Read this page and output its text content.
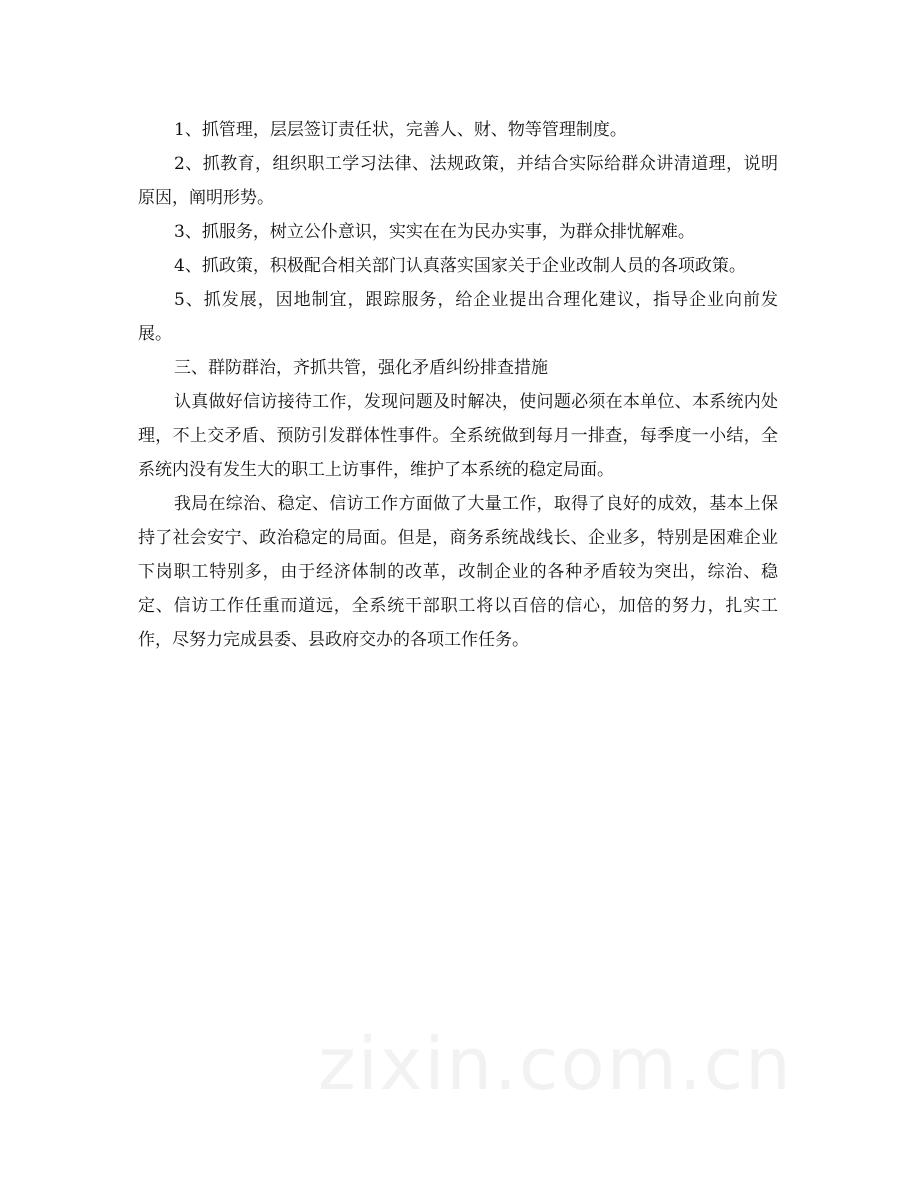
1、抓管理，层层签订责任状，完善人、财、物等管理制度。

2、抓教育，组织职工学习法律、法规政策，并结合实际给群众讲清道理，说明原因，阐明形势。

3、抓服务，树立公仆意识，实实在在为民办实事，为群众排忧解难。

4、抓政策，积极配合相关部门认真落实国家关于企业改制人员的各项政策。

5、抓发展，因地制宜，跟踪服务，给企业提出合理化建议，指导企业向前发展。

三、群防群治，齐抓共管，强化矛盾纠纷排查措施

认真做好信访接待工作，发现问题及时解决，使问题必须在本单位、本系统内处理，不上交矛盾、预防引发群体性事件。全系统做到每月一排查，每季度一小结，全系统内没有发生大的职工上访事件，维护了本系统的稳定局面。

我局在综治、稳定、信访工作方面做了大量工作，取得了良好的成效，基本上保持了社会安宁、政治稳定的局面。但是，商务系统战线长、企业多，特别是困难企业下岗职工特别多，由于经济体制的改革，改制企业的各种矛盾较为突出，综治、稳定、信访工作任重而道远，全系统干部职工将以百倍的信心，加倍的努力，扎实工作，尽努力完成县委、县政府交办的各项工作任务。

zixin.com.cn
